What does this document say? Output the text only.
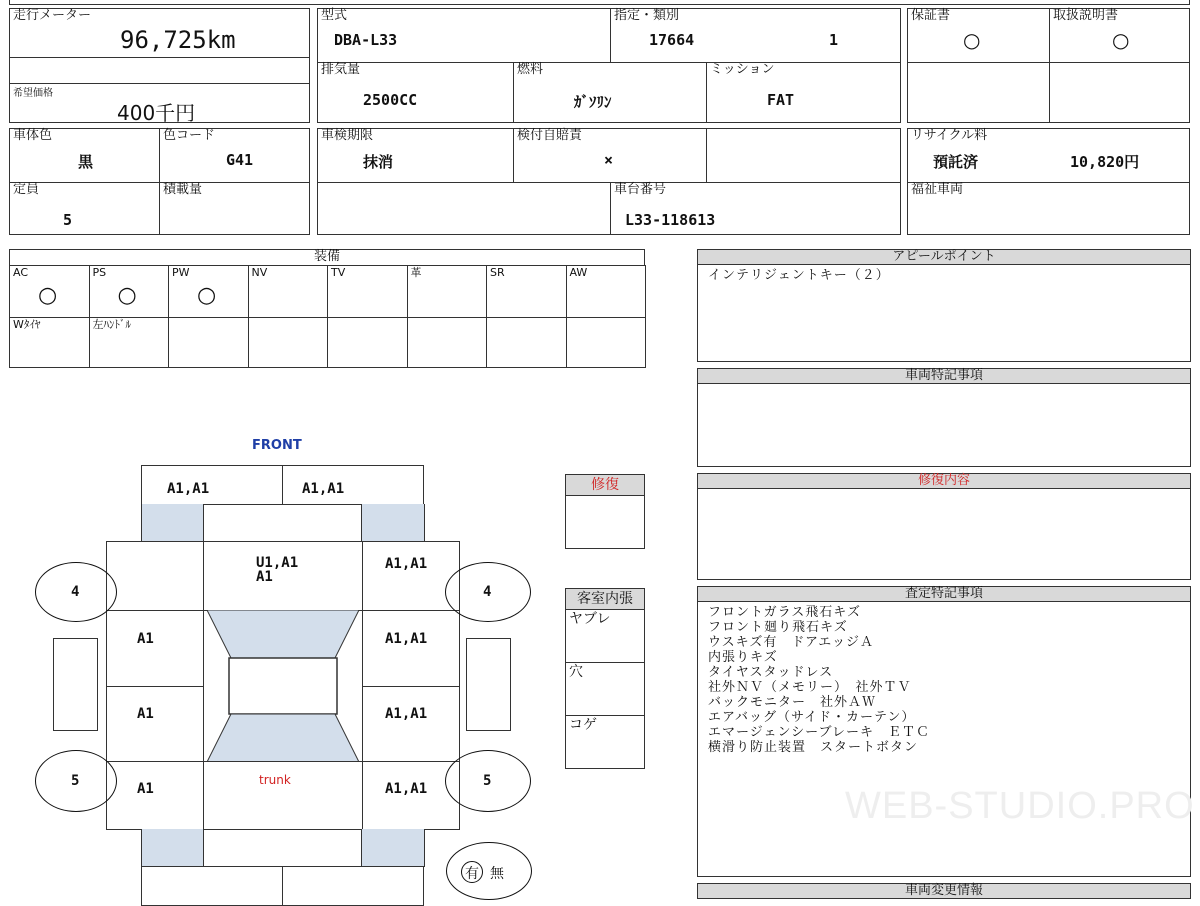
走行メーター
96,725km
希望価格
400千円
型式
DBA-L33
指定・類別
17664	1
排気量
2500CC
燃料
ｶﾞｿﾘﾝ
ミッション
FAT
保証書
○
取扱説明書
○
車体色
黒
色コード
G41
定員
5
積載量
車検期限
抹消
検付自賠責
×
車台番号
L33-118613
リサイクル料
預託済	10,820円
福祉車両
装備
AC
○
PS
○
PW
○
NV	TV	革	SR	AW
Wﾀｲﾔ	左ﾊﾝﾄﾞﾙ
アピールポイント
インテリジェントキー（２）
車両特記事項
修復内容
査定特記事項
フロントガラス飛石キズ
フロント廻り飛石キズ
ウスキズ有　ドアエッジＡ
内張りキズ
タイヤスタッドレス
社外ＮＶ（メモリー）　社外ＴＶ
バックモニター　社外ＡＷ
エアバッグ（サイド・カーテン）
エマージェンシーブレーキ　ＥＴＣ
横滑り防止装置　スタートボタン
WEB-STUDIO.PRO
車両変更情報
修復
客室内張
ヤブレ
穴
コゲ
FRONT
A1,A1	A1,A1
U1,A1
A1
A1,A1
A1	A1,A1
A1	A1,A1
A1
trunk
A1,A1
4	4
5	5
有 無
